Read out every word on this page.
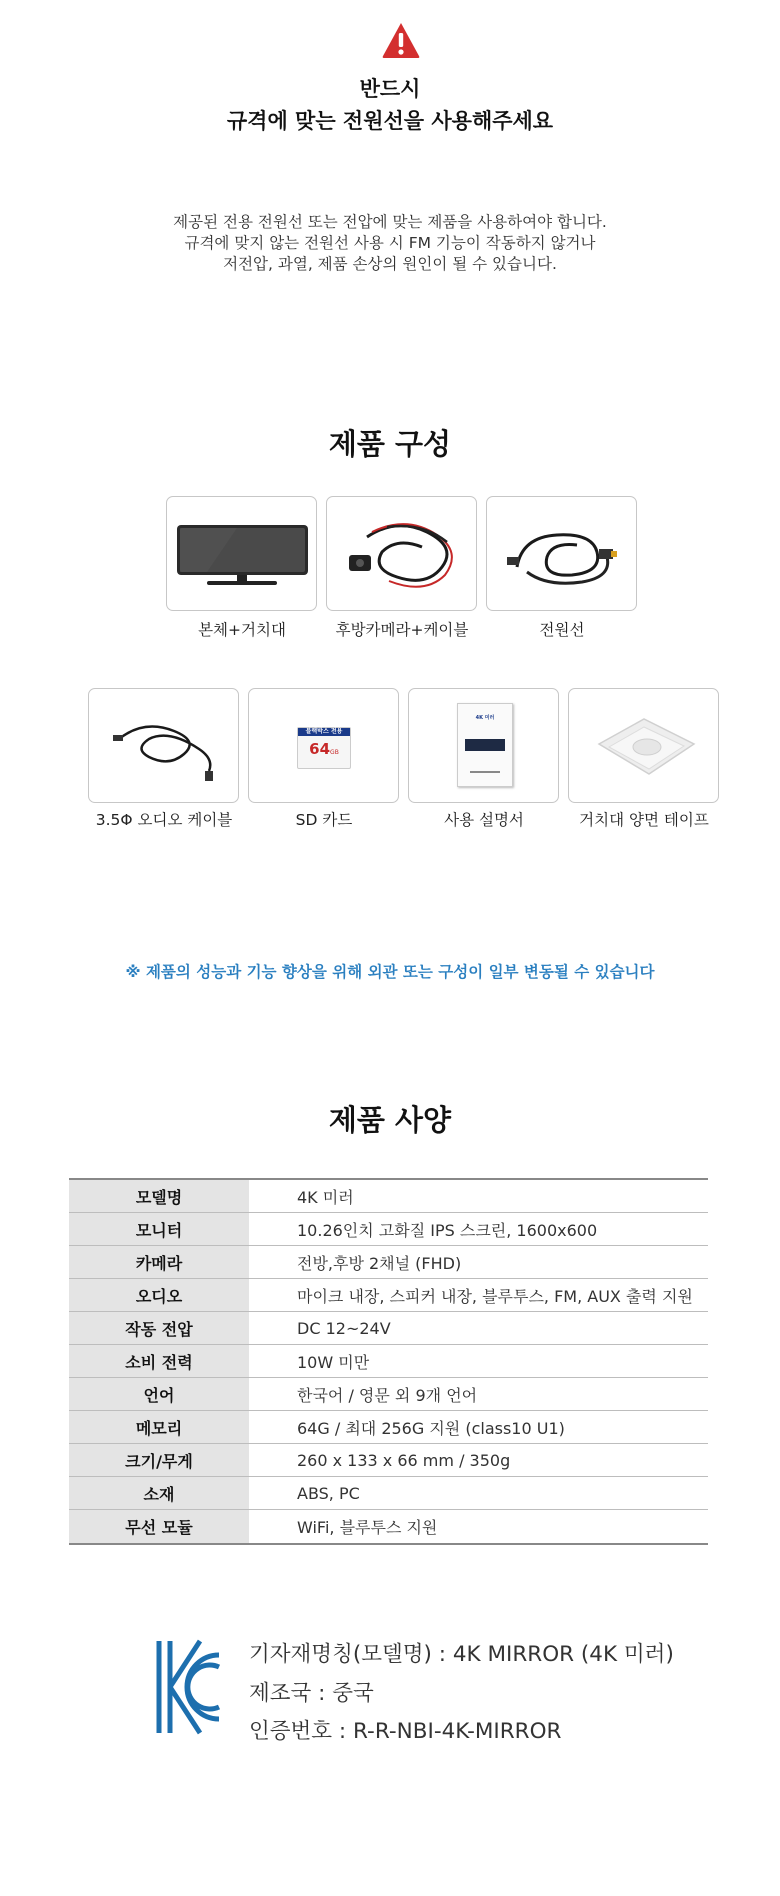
반드시
규격에 맞는 전원선을 사용해주세요
제공된 전용 전원선 또는 전압에 맞는 제품을 사용하여야 합니다.
규격에 맞지 않는 전원선 사용 시 FM 기능이 작동하지 않거나
저전압, 과열, 제품 손상의 원인이 될 수 있습니다.
제품 구성
본체+거치대	후방카메라+케이블	전원선
3.5Φ 오디오 케이블
블랙박스 전용
64 GB
SD 카드
4K 미러
사용 설명서	거치대 양면 테이프
※ 제품의 성능과 기능 향상을 위해 외관 또는 구성이 일부 변동될 수 있습니다
제품 사양
모델명	4K 미러
모니터	10.26인치 고화질 IPS 스크린, 1600x600
카메라	전방,후방 2채널 (FHD)
오디오	마이크 내장, 스피커 내장, 블루투스, FM, AUX 출력 지원
작동 전압	DC 12~24V
소비 전력	10W 미만
언어	한국어 / 영문 외 9개 언어
메모리	64G / 최대 256G 지원 (class10 U1)
크기/무게	260 x 133 x 66 mm / 350g
소재	ABS, PC
무선 모듈	WiFi, 블루투스 지원
기자재명칭(모델명) : 4K MIRROR (4K 미러)
제조국 : 중국
인증번호 : R-R-NBI-4K-MIRROR
